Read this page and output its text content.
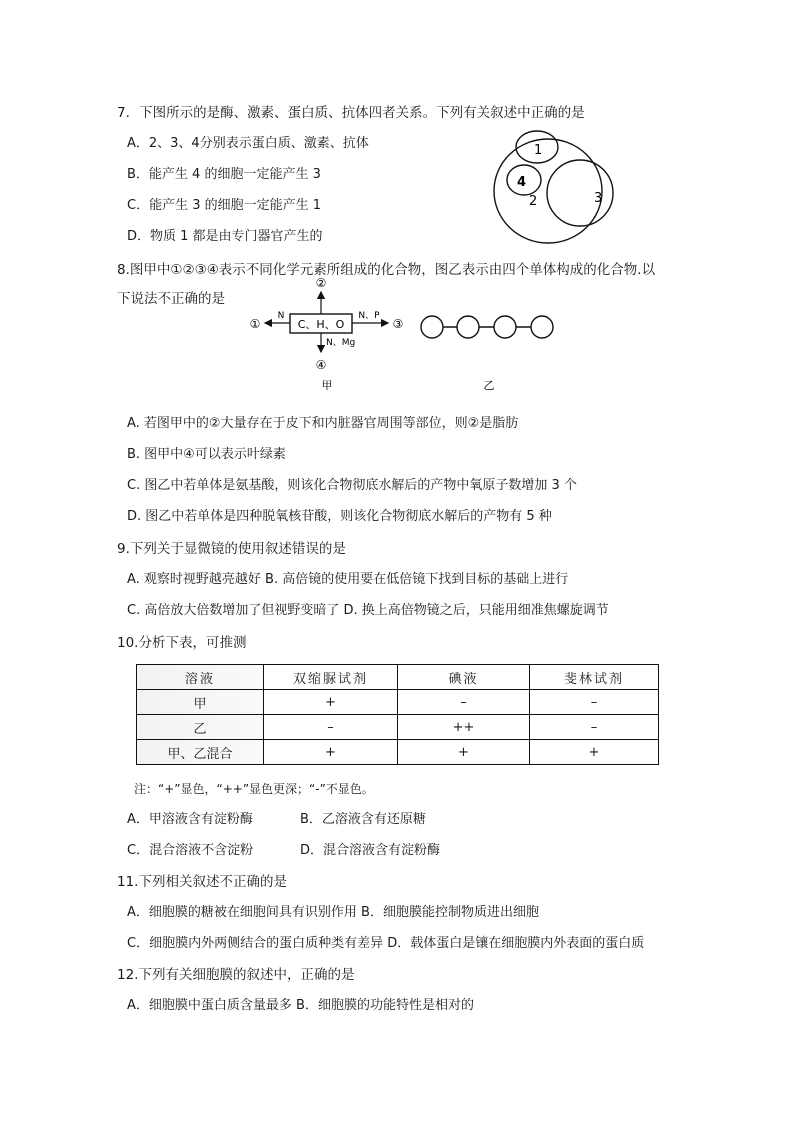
7．下图所示的是酶、激素、蛋白质、抗体四者关系。下列有关叙述中正确的是
A．2、3、4分别表示蛋白质、激素、抗体
B．能产生 4 的细胞一定能产生 3
C．能产生 3 的细胞一定能产生 1
D．物质 1 都是由专门器官产生的
1
4
2	3
8.图甲中①②③④表示不同化学元素所组成的化合物，图乙表示由四个单体构成的化合物.以
下说法不正确的是
C、H、O
①
N
②
③
N、P
④
N、Mg
甲	乙
A. 若图甲中的②大量存在于皮下和内脏器官周围等部位，则②是脂肪
B. 图甲中④可以表示叶绿素
C. 图乙中若单体是氨基酸，则该化合物彻底水解后的产物中氧原子数增加 3 个
D. 图乙中若单体是四种脱氧核苷酸，则该化合物彻底水解后的产物有 5 种
9.下列关于显微镜的使用叙述错误的是
A. 观察时视野越亮越好 B. 高倍镜的使用要在低倍镜下找到目标的基础上进行
C. 高倍放大倍数增加了但视野变暗了 D. 换上高倍物镜之后，只能用细准焦螺旋调节
10.分析下表，可推测
溶液	双缩脲试剂	碘液	斐林试剂
甲	+	–	–
乙	–	++	–
甲、乙混合	+	+	+
注：“+”显色，“++”显色更深；“-”不显色。
A．甲溶液含有淀粉酶	B．乙溶液含有还原糖
C．混合溶液不含淀粉	D．混合溶液含有淀粉酶
11.下列相关叙述不正确的是
A．细胞膜的糖被在细胞间具有识别作用 B．细胞膜能控制物质进出细胞
C．细胞膜内外两侧结合的蛋白质种类有差异 D．载体蛋白是镶在细胞膜内外表面的蛋白质
12.下列有关细胞膜的叙述中，正确的是
A．细胞膜中蛋白质含量最多 B．细胞膜的功能特性是相对的
